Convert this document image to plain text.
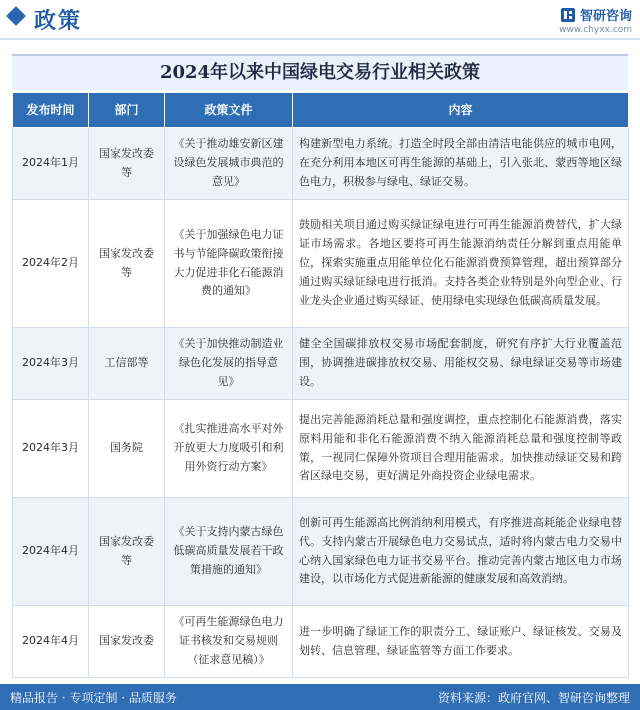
政策	智研咨询
www.chyxx.com
2024年以来中国绿电交易行业相关政策
发布时间	部门	政策文件	内容
2024年1月	国家发改委等	《关于推动雄安新区建设绿色发展城市典范的意见》	构建新型电力系统。打造全时段全部由清洁电能供应的城市电网，在充分利用本地区可再生能源的基础上，引入张北、蒙西等地区绿色电力，积极参与绿电、绿证交易。
2024年2月	国家发改委等	《关于加强绿色电力证书与节能降碳政策衔接大力促进非化石能源消费的通知》	鼓励相关项目通过购买绿证绿电进行可再生能源消费替代，扩大绿证市场需求。各地区要将可再生能源消纳责任分解到重点用能单位，探索实施重点用能单位化石能源消费预算管理，超出预算部分通过购买绿证绿电进行抵消。支持各类企业特别是外向型企业、行业龙头企业通过购买绿证、使用绿电实现绿色低碳高质量发展。
2024年3月	工信部等	《关于加快推动制造业绿色化发展的指导意见》	健全全国碳排放权交易市场配套制度，研究有序扩大行业覆盖范围，协调推进碳排放权交易、用能权交易、绿电绿证交易等市场建设。
2024年3月	国务院	《扎实推进高水平对外开放更大力度吸引和利用外资行动方案》	提出完善能源消耗总量和强度调控，重点控制化石能源消费，落实原料用能和非化石能源消费不纳入能源消耗总量和强度控制等政策，一视同仁保障外资项目合理用能需求。加快推动绿证交易和跨省区绿电交易，更好满足外商投资企业绿电需求。
2024年4月	国家发改委等	《关于支持内蒙古绿色低碳高质量发展若干政策措施的通知》	创新可再生能源高比例消纳利用模式，有序推进高耗能企业绿电替代。支持内蒙古开展绿色电力交易试点，适时将内蒙古电力交易中心纳入国家绿色电力证书交易平台。推动完善内蒙古地区电力市场建设，以市场化方式促进新能源的健康发展和高效消纳。
2024年4月	国家发改委	《可再生能源绿色电力证书核发和交易规则（征求意见稿）》	进一步明确了绿证工作的职责分工、绿证账户、绿证核发、交易及划转、信息管理、绿证监管等方面工作要求。
精品报告 · 专项定制 · 品质服务	资料来源：政府官网、智研咨询整理
